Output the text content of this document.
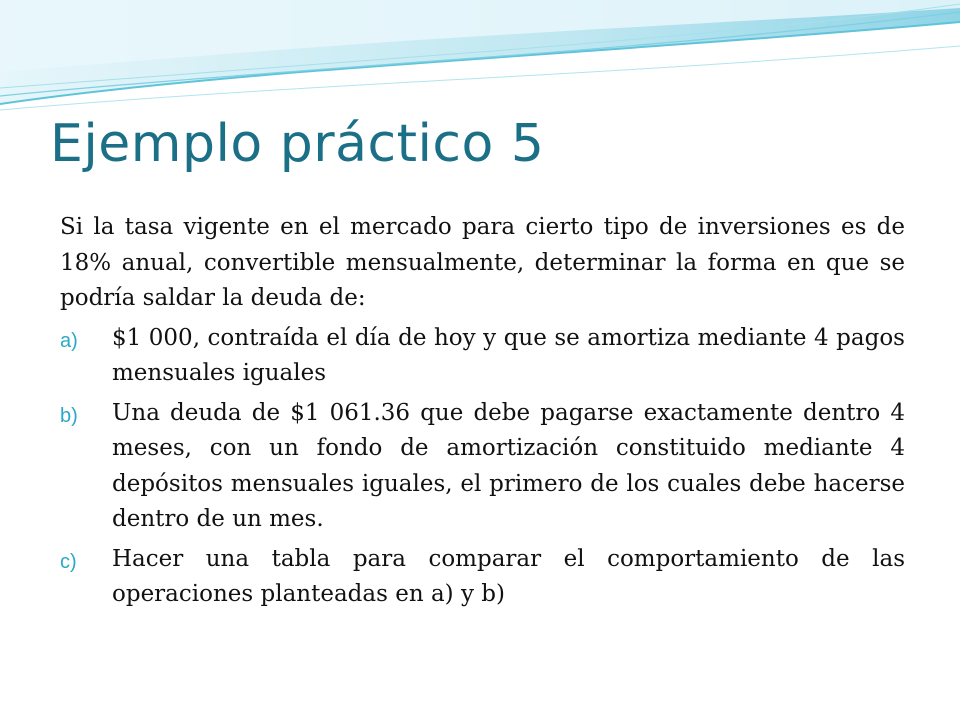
Ejemplo práctico 5

Si la tasa vigente en el mercado para cierto tipo de inversiones es de 18% anual, convertible mensualmente, determinar la forma en que se podría saldar la deuda de:

a) $1 000, contraída el día de hoy y que se amortiza mediante 4 pagos mensuales iguales
b) Una deuda de $1 061.36 que debe pagarse exactamente dentro 4 meses, con un fondo de amortización constituido mediante 4 depósitos mensuales iguales, el primero de los cuales debe hacerse dentro de un mes.
c) Hacer una tabla para comparar el comportamiento de las operaciones planteadas en a) y b)
